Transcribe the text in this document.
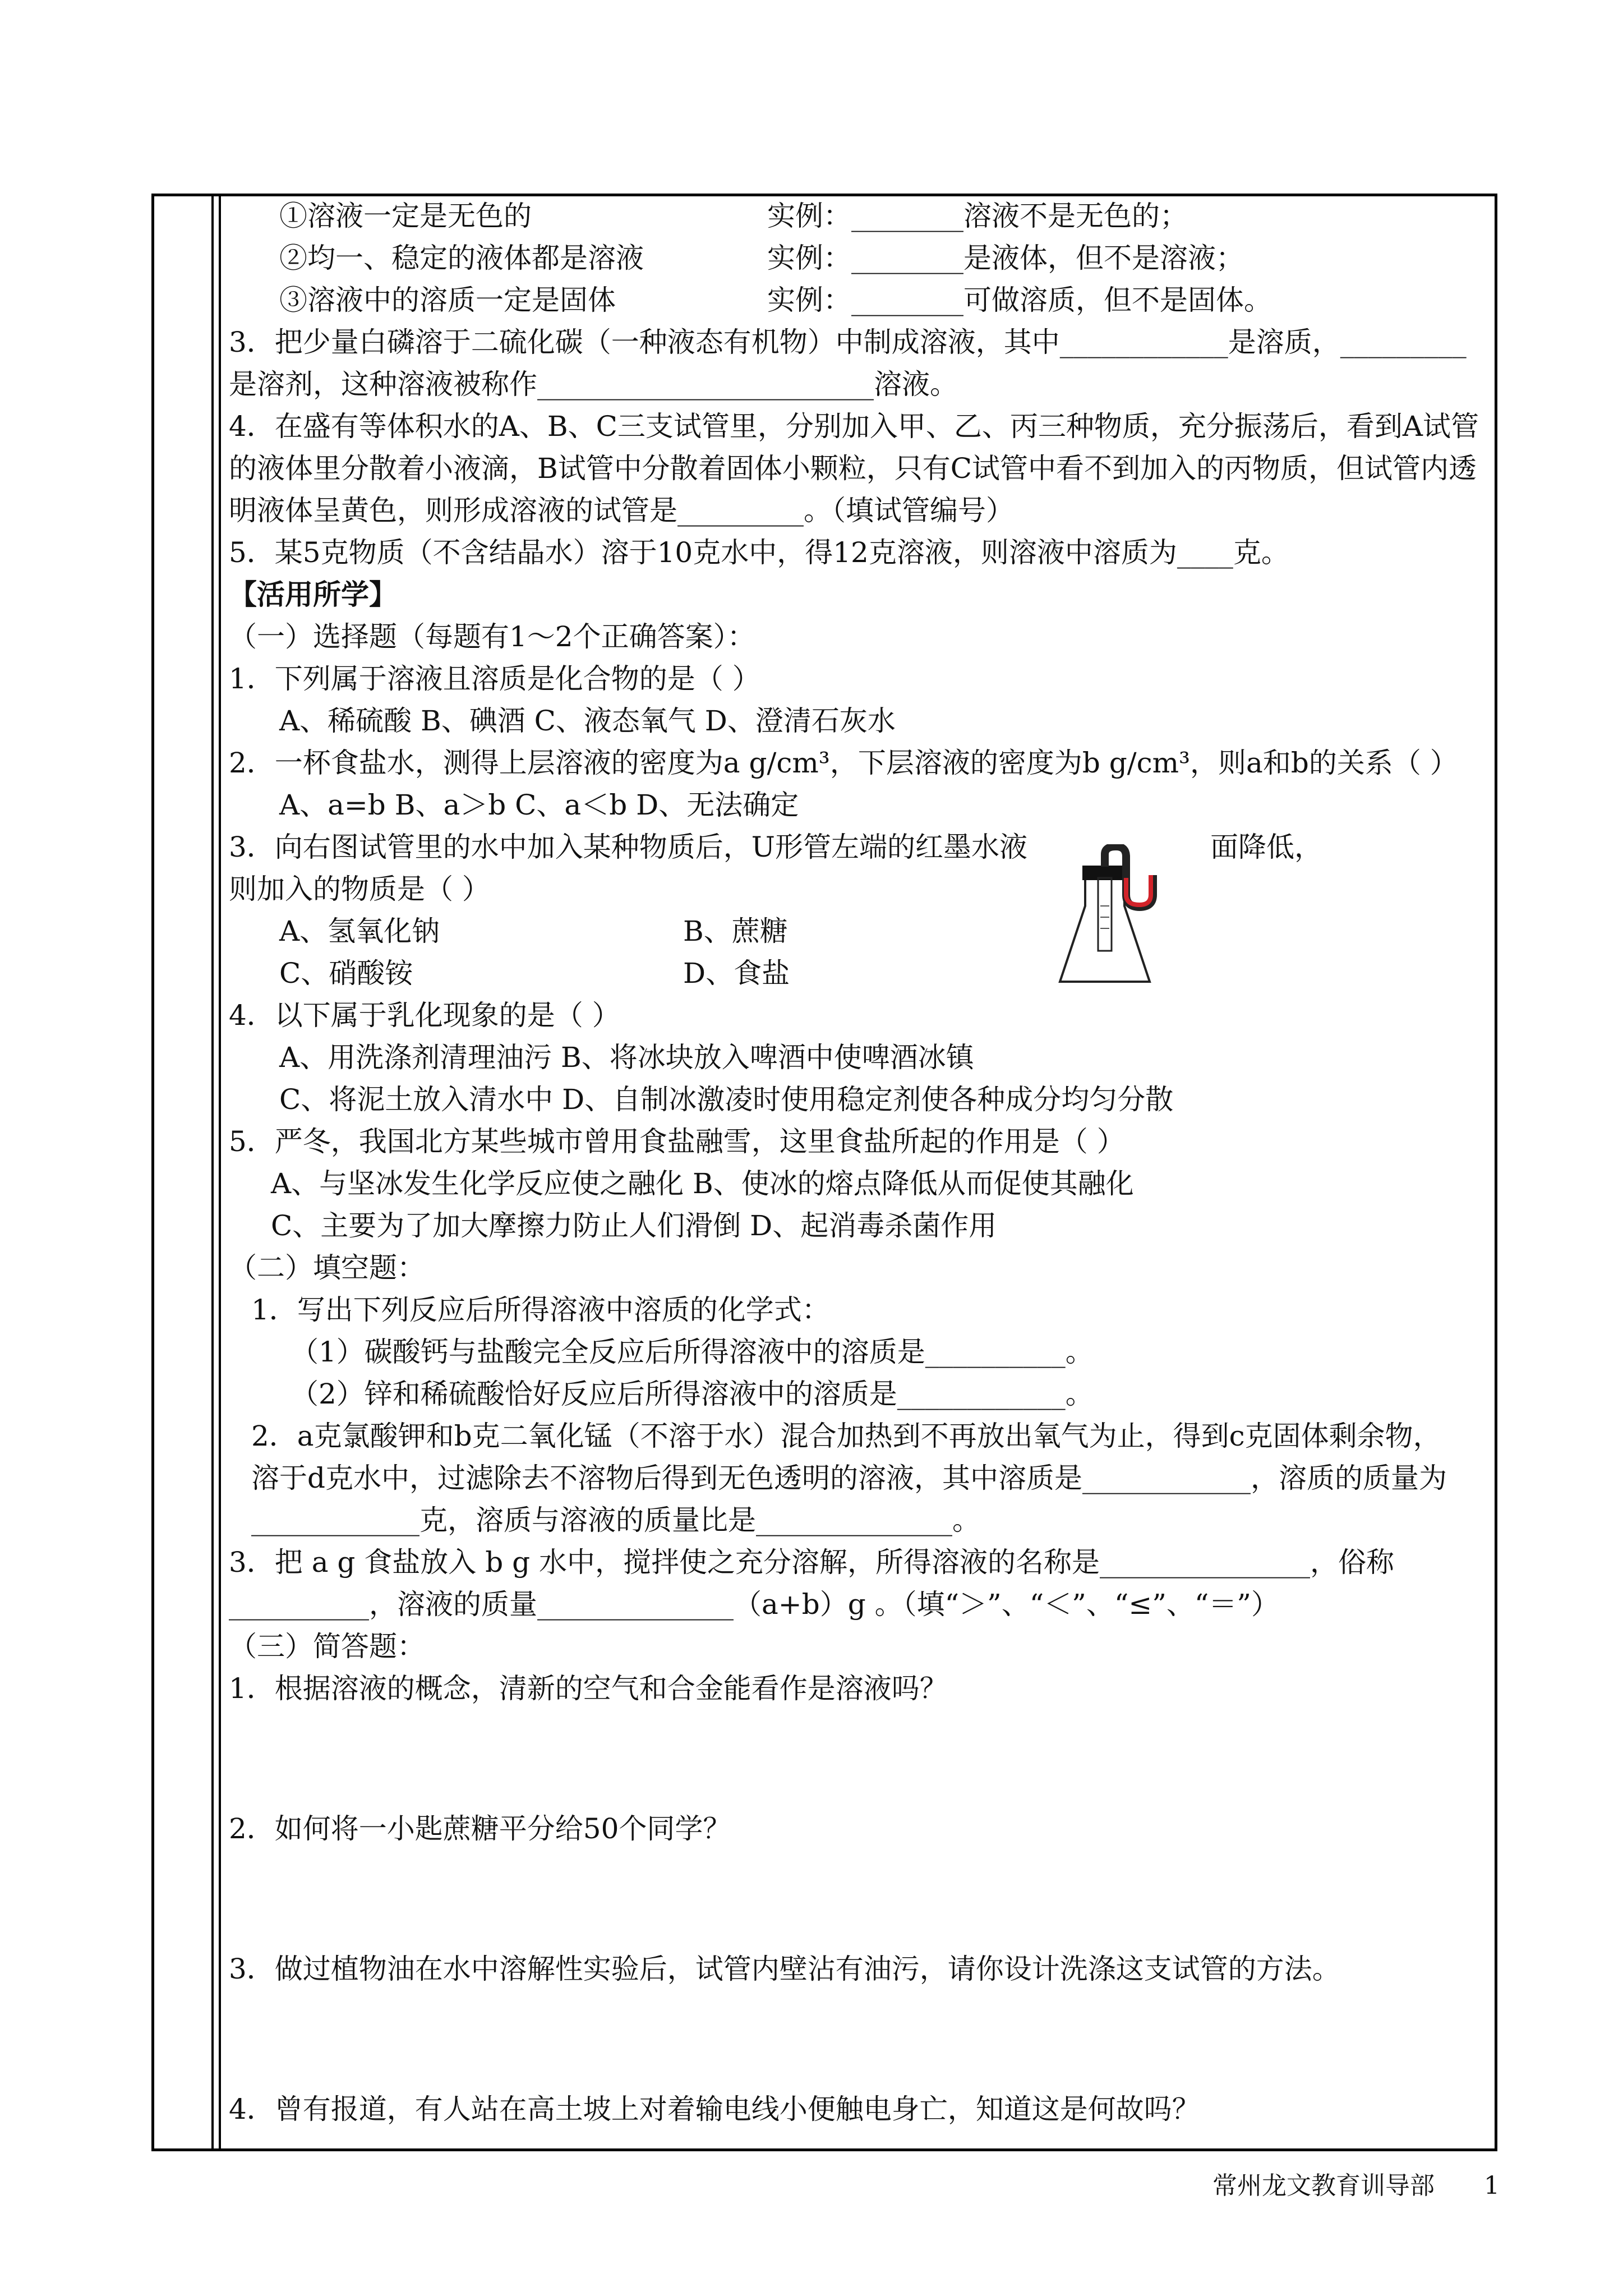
①溶液一定是无色的	实例：________溶液不是无色的；
②均一、稳定的液体都是溶液	实例：________是液体，但不是溶液；
③溶液中的溶质一定是固体	实例：________可做溶质，但不是固体。
3．把少量白磷溶于二硫化碳（一种液态有机物）中制成溶液，其中____________是溶质，_________
是溶剂，这种溶液被称作________________________溶液。
4．在盛有等体积水的A、B、C三支试管里，分别加入甲、乙、丙三种物质，充分振荡后，看到A试管
的液体里分散着小液滴，B试管中分散着固体小颗粒，只有C试管中看不到加入的丙物质，但试管内透
明液体呈黄色，则形成溶液的试管是_________。（填试管编号）
5．某5克物质（不含结晶水）溶于10克水中，得12克溶液，则溶液中溶质为____克。
【活用所学】
（一）选择题（每题有1～2个正确答案）：
1．下列属于溶液且溶质是化合物的是（ ）
A、稀硫酸 B、碘酒 C、液态氧气 D、澄清石灰水
2．一杯食盐水，测得上层溶液的密度为a g/cm³，下层溶液的密度为b g/cm³，则a和b的关系（ ）
A、a=b B、a＞b C、a＜b D、无法确定
3．向右图试管里的水中加入某种物质后，U形管左端的红墨水液	面降低，
则加入的物质是（ ）
A、氢氧化钠	B、蔗糖
C、硝酸铵	D、食盐
4．以下属于乳化现象的是（ ）
A、用洗涤剂清理油污 B、将冰块放入啤酒中使啤酒冰镇
C、将泥土放入清水中 D、自制冰激凌时使用稳定剂使各种成分均匀分散
5．严冬，我国北方某些城市曾用食盐融雪，这里食盐所起的作用是（ ）
A、与坚冰发生化学反应使之融化 B、使冰的熔点降低从而促使其融化
C、主要为了加大摩擦力防止人们滑倒 D、起消毒杀菌作用
（二）填空题：
1．写出下列反应后所得溶液中溶质的化学式：
（1）碳酸钙与盐酸完全反应后所得溶液中的溶质是__________。
（2）锌和稀硫酸恰好反应后所得溶液中的溶质是____________。
2．a克氯酸钾和b克二氧化锰（不溶于水）混合加热到不再放出氧气为止，得到c克固体剩余物，
溶于d克水中，过滤除去不溶物后得到无色透明的溶液，其中溶质是____________，溶质的质量为
____________克，溶质与溶液的质量比是______________。
3．把 a g 食盐放入 b g 水中，搅拌使之充分溶解，所得溶液的名称是_______________，俗称
__________，溶液的质量______________（a+b）g 。（填“＞”、“＜”、“≤”、“＝”）
（三）简答题：
1．根据溶液的概念，清新的空气和合金能看作是溶液吗？
2．如何将一小匙蔗糖平分给50个同学？
3．做过植物油在水中溶解性实验后，试管内壁沾有油污，请你设计洗涤这支试管的方法。
4．曾有报道，有人站在高土坡上对着输电线小便触电身亡，知道这是何故吗？
常州龙文教育训导部 1
